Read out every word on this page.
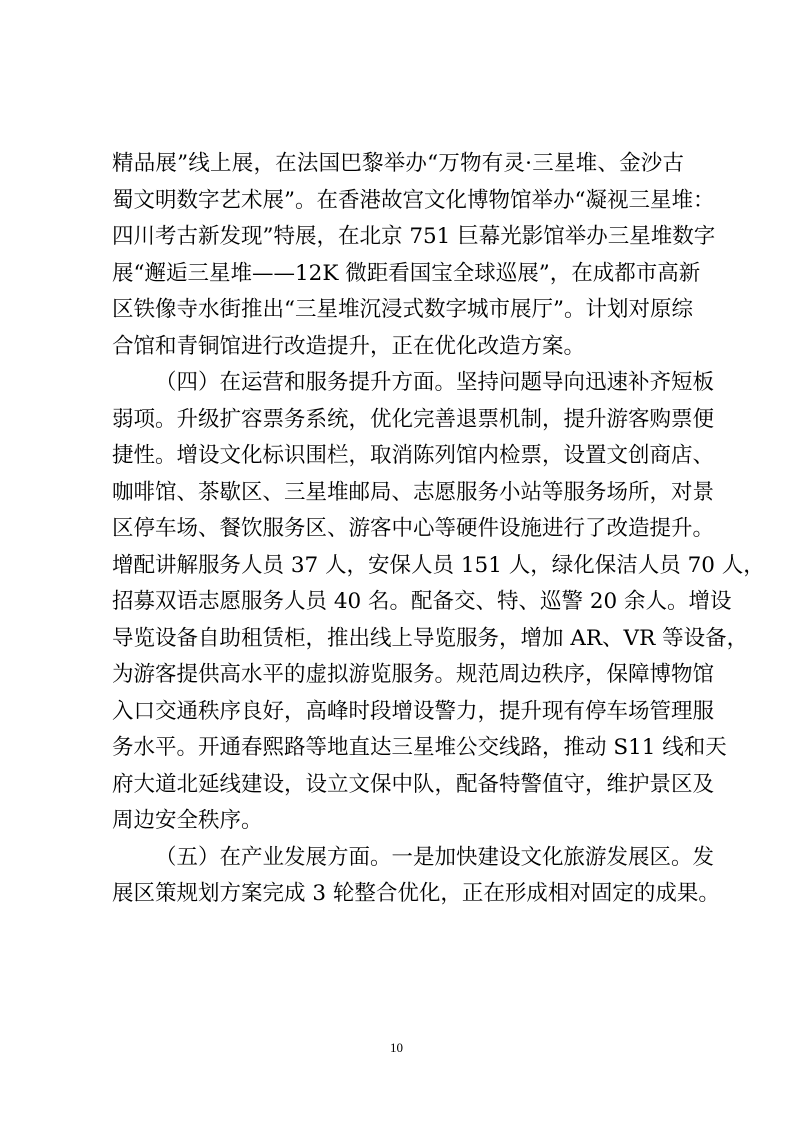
精品展”线上展，在法国巴黎举办“万物有灵·三星堆、金沙古
蜀文明数字艺术展”。在香港故宫文化博物馆举办“凝视三星堆：
四川考古新发现”特展，在北京 751 巨幕光影馆举办三星堆数字
展“邂逅三星堆——12K 微距看国宝全球巡展”，在成都市高新
区铁像寺水街推出“三星堆沉浸式数字城市展厅”。计划对原综
合馆和青铜馆进行改造提升，正在优化改造方案。
（四）在运营和服务提升方面。坚持问题导向迅速补齐短板
弱项。升级扩容票务系统，优化完善退票机制，提升游客购票便
捷性。增设文化标识围栏，取消陈列馆内检票，设置文创商店、
咖啡馆、茶歇区、三星堆邮局、志愿服务小站等服务场所，对景
区停车场、餐饮服务区、游客中心等硬件设施进行了改造提升。
增配讲解服务人员 37 人，安保人员 151 人，绿化保洁人员 70 人，
招募双语志愿服务人员 40 名。配备交、特、巡警 20 余人。增设
导览设备自助租赁柜，推出线上导览服务，增加 AR、VR 等设备，
为游客提供高水平的虚拟游览服务。规范周边秩序，保障博物馆
入口交通秩序良好，高峰时段增设警力，提升现有停车场管理服
务水平。开通春熙路等地直达三星堆公交线路，推动 S11 线和天
府大道北延线建设，设立文保中队，配备特警值守，维护景区及
周边安全秩序。
（五）在产业发展方面。一是加快建设文化旅游发展区。发
展区策规划方案完成 3 轮整合优化，正在形成相对固定的成果。
10
